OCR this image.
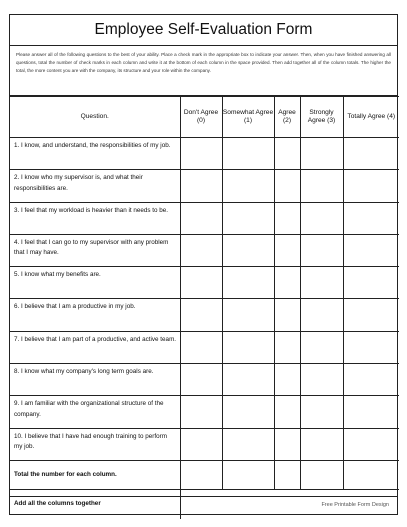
Employee Self-Evaluation Form
Please answer all of the following questions to the best of your ability. Place a check mark in the appropriate box to indicate your answer. Then, when you have finished answering all questions, total the number of check marks in each column and write it at the bottom of each column in the space provided. Then add together all of the column totals. The higher the total, the more content you are with the company, its structure and your role within the company.
Question.	Don't Agree (0)	Somewhat Agree (1)	Agree (2)	Strongly Agree (3)	Totally Agree (4)
1. I know, and understand, the responsibilities of my job.					
2. I know who my supervisor is, and what their responsibilities are.					
3. I feel that my workload is heavier than it needs to be.					
4. I feel that I can go to my supervisor with any problem that I may have.					
5. I know what my benefits are.					
6. I believe that I am a productive in my job.					
7. I believe that I am part of a productive, and active team.					
8. I know what my company's long term goals are.					
9. I am familiar with the organizational structure of the company.					
10. I believe that I have had enough training to perform my job.					
Total the number for each column.					
Add all the columns together						Free Printable Form Design
